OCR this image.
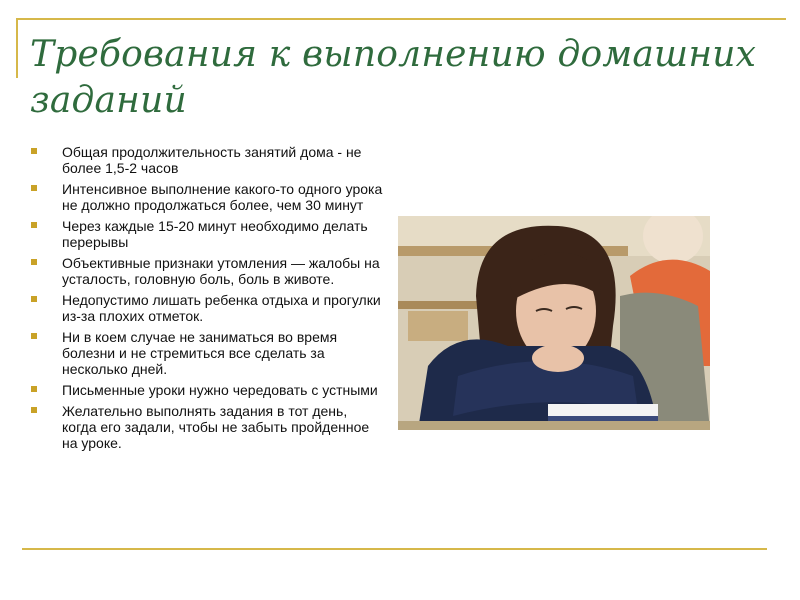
Требования к выполнению домашних заданий
Общая продолжительность занятий дома - не более 1,5-2 часов
Интенсивное выполнение какого-то одного урока не должно продолжаться более, чем 30 минут
Через каждые 15-20 минут необходимо делать перерывы
Объективные признаки утомления — жалобы на усталость, головную боль, боль в животе.
Недопустимо лишать ребенка отдыха и прогулки из-за плохих отметок.
Ни в коем случае не заниматься во время болезни и не стремиться все сделать за несколько дней.
Письменные уроки нужно чередовать с устными
Желательно выполнять задания в тот день, когда его задали, чтобы не забыть пройденное на уроке.
